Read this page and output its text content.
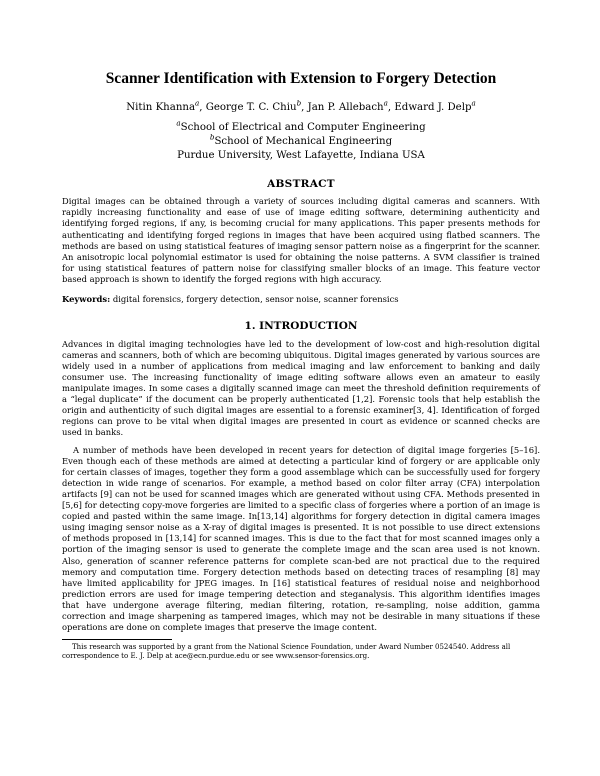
Scanner Identification with Extension to Forgery Detection
Nitin Khanna$^a$, George T. C. Chiu$^b$, Jan P. Allebach$^a$, Edward J. Delp$^a$
$^a$School of Electrical and Computer Engineering
$^b$School of Mechanical Engineering
Purdue University, West Lafayette, Indiana USA
ABSTRACT
Digital images can be obtained through a variety of sources including digital cameras and scanners. With rapidly increasing functionality and ease of use of image editing software, determining authenticity and identifying forged regions, if any, is becoming crucial for many applications. This paper presents methods for authenticating and identifying forged regions in images that have been acquired using flatbed scanners. The methods are based on using statistical features of imaging sensor pattern noise as a fingerprint for the scanner. An anisotropic local polynomial estimator is used for obtaining the noise patterns. A SVM classifier is trained for using statistical features of pattern noise for classifying smaller blocks of an image. This feature vector based approach is shown to identify the forged regions with high accuracy.
Keywords: digital forensics, forgery detection, sensor noise, scanner forensics
1. INTRODUCTION
Advances in digital imaging technologies have led to the development of low-cost and high-resolution digital cameras and scanners, both of which are becoming ubiquitous. Digital images generated by various sources are widely used in a number of applications from medical imaging and law enforcement to banking and daily consumer use. The increasing functionality of image editing software allows even an amateur to easily manipulate images. In some cases a digitally scanned image can meet the threshold definition requirements of a “legal duplicate” if the document can be properly authenticated [1,2]. Forensic tools that help establish the origin and authenticity of such digital images are essential to a forensic examiner[3, 4]. Identification of forged regions can prove to be vital when digital images are presented in court as evidence or scanned checks are used in banks.
A number of methods have been developed in recent years for detection of digital image forgeries [5–16]. Even though each of these methods are aimed at detecting a particular kind of forgery or are applicable only for certain classes of images, together they form a good assemblage which can be successfully used for forgery detection in wide range of scenarios. For example, a method based on color filter array (CFA) interpolation artifacts [9] can not be used for scanned images which are generated without using CFA. Methods presented in [5,6] for detecting copy-move forgeries are limited to a specific class of forgeries where a portion of an image is copied and pasted within the same image. In[13,14] algorithms for forgery detection in digital camera images using imaging sensor noise as a X-ray of digital images is presented. It is not possible to use direct extensions of methods proposed in [13,14] for scanned images. This is due to the fact that for most scanned images only a portion of the imaging sensor is used to generate the complete image and the scan area used is not known. Also, generation of scanner reference patterns for complete scan-bed are not practical due to the required memory and computation time. Forgery detection methods based on detecting traces of resampling [8] may have limited applicability for JPEG images. In [16] statistical features of residual noise and neighborhood prediction errors are used for image tempering detection and steganalysis. This algorithm identifies images that have undergone average filtering, median filtering, rotation, re-sampling, noise addition, gamma correction and image sharpening as tampered images, which may not be desirable in many situations if these operations are done on complete images that preserve the image content.
This research was supported by a grant from the National Science Foundation, under Award Number 0524540. Address all correspondence to E. J. Delp at ace@ecn.purdue.edu or see www.sensor-forensics.org.
